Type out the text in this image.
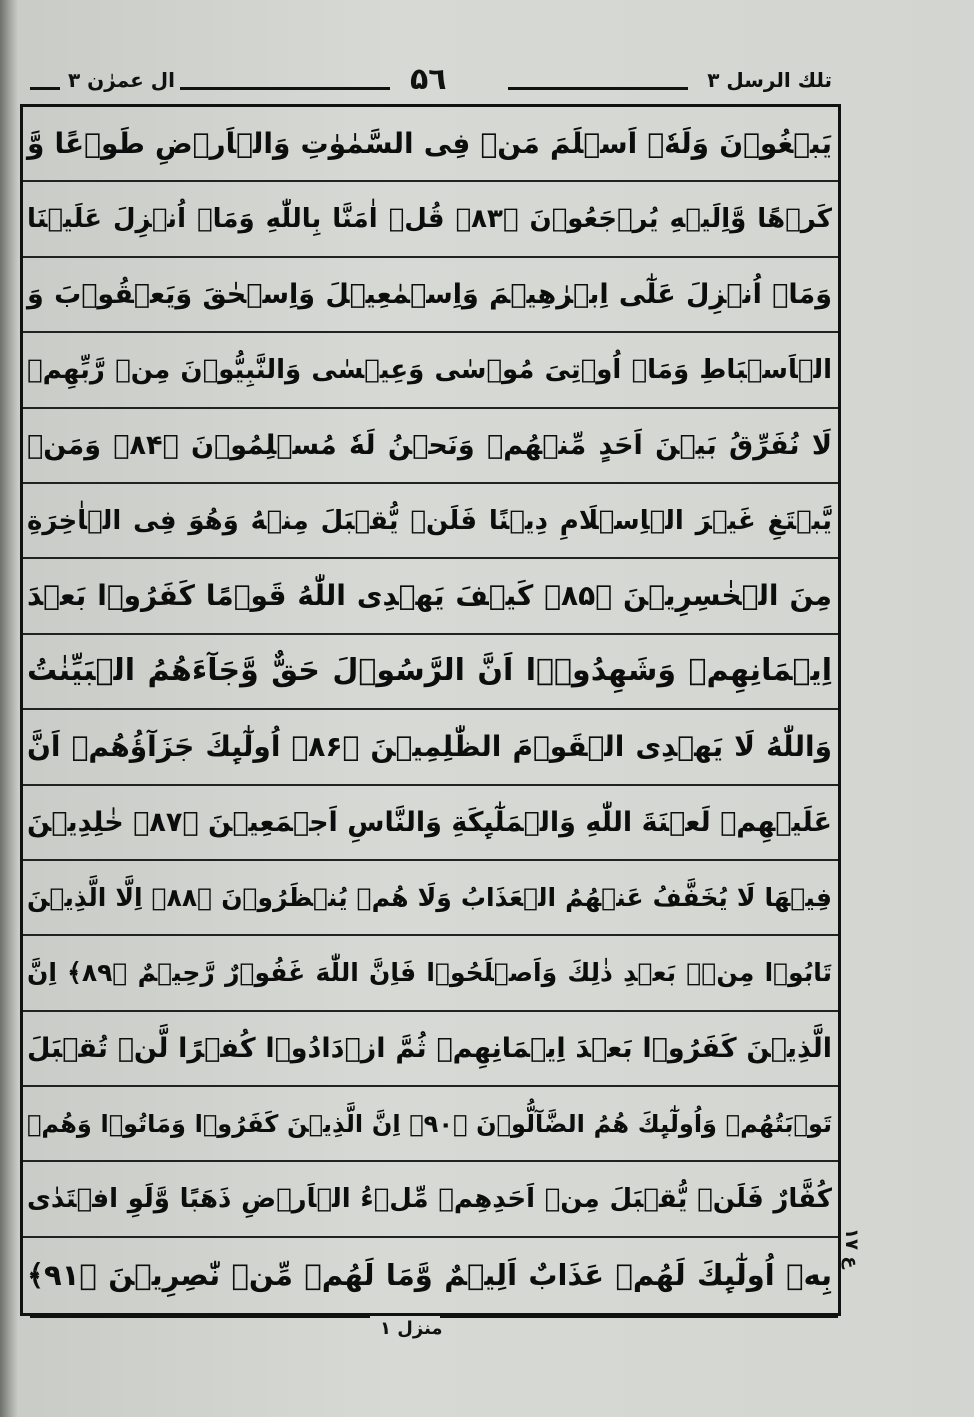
تلك الرسل ۳
۵٦
ال عمرٰن ۳
يَبۡغُوۡنَ وَلَهٗۤ اَسۡلَمَ مَنۡ فِى السَّمٰوٰتِ وَالۡاَرۡضِ طَوۡعًا وَّ
كَرۡهًا وَّاِلَيۡهِ يُرۡجَعُوۡنَ ﴿۸۳﴾ قُلۡ اٰمَنَّا بِاللّٰهِ وَمَاۤ اُنۡزِلَ عَلَيۡنَا
وَمَاۤ اُنۡزِلَ عَلٰٓى اِبۡرٰهِيۡمَ وَاِسۡمٰعِيۡلَ وَاِسۡحٰقَ وَيَعۡقُوۡبَ وَ
الۡاَسۡبَاطِ وَمَاۤ اُوۡتِىَ مُوۡسٰى وَعِيۡسٰى وَالنَّبِيُّوۡنَ مِنۡ رَّبِّهِمۡ
لَا نُفَرِّقُ بَيۡنَ اَحَدٍ مِّنۡهُمۡ وَنَحۡنُ لَهٗ مُسۡلِمُوۡنَ ﴿۸۴﴾ وَمَنۡ
يَّبۡتَغِ غَيۡرَ الۡاِسۡلَامِ دِيۡنًا فَلَنۡ يُّقۡبَلَ مِنۡهُ وَهُوَ فِى الۡاٰخِرَةِ
مِنَ الۡخٰسِرِيۡنَ ﴿۸۵﴾ كَيۡفَ يَهۡدِى اللّٰهُ قَوۡمًا كَفَرُوۡا بَعۡدَ
اِيۡمَانِهِمۡ وَشَهِدُوۡۤا اَنَّ الرَّسُوۡلَ حَقٌّ وَّجَآءَهُمُ الۡبَيِّنٰتُ
وَاللّٰهُ لَا يَهۡدِى الۡقَوۡمَ الظّٰلِمِيۡنَ ﴿۸۶﴾ اُولٰٓٮِٕكَ جَزَآؤُهُمۡ اَنَّ
عَلَيۡهِمۡ لَعۡنَةَ اللّٰهِ وَالۡمَلٰٓٮِٕكَةِ وَالنَّاسِ اَجۡمَعِيۡنَ ﴿۸۷﴾ خٰلِدِيۡنَ
فِيۡهَا لَا يُخَفَّفُ عَنۡهُمُ الۡعَذَابُ وَلَا هُمۡ يُنۡظَرُوۡنَ ﴿۸۸﴾ اِلَّا الَّذِيۡنَ
تَابُوۡا مِنۡۢ بَعۡدِ ذٰلِكَ وَاَصۡلَحُوۡا فَاِنَّ اللّٰهَ غَفُوۡرٌ رَّحِيۡمٌ ﴿۸۹﴾ اِنَّ
الَّذِيۡنَ كَفَرُوۡا بَعۡدَ اِيۡمَانِهِمۡ ثُمَّ ازۡدَادُوۡا كُفۡرًا لَّنۡ تُقۡبَلَ
تَوۡبَتُهُمۡ وَاُولٰٓٮِٕكَ هُمُ الضَّآلُّوۡنَ ﴿۹۰﴾ اِنَّ الَّذِيۡنَ كَفَرُوۡا وَمَاتُوۡا وَهُمۡ
كُفَّارٌ فَلَنۡ يُّقۡبَلَ مِنۡ اَحَدِهِمۡ مِّلۡءُ الۡاَرۡضِ ذَهَبًا وَّلَوِ افۡتَدٰى
بِهٖ اُولٰٓٮِٕكَ لَهُمۡ عَذَابٌ اَلِيۡمٌ وَّمَا لَهُمۡ مِّنۡ نّٰصِرِيۡنَ ﴿۹۱﴾
ع ۱۷
منزل ۱
